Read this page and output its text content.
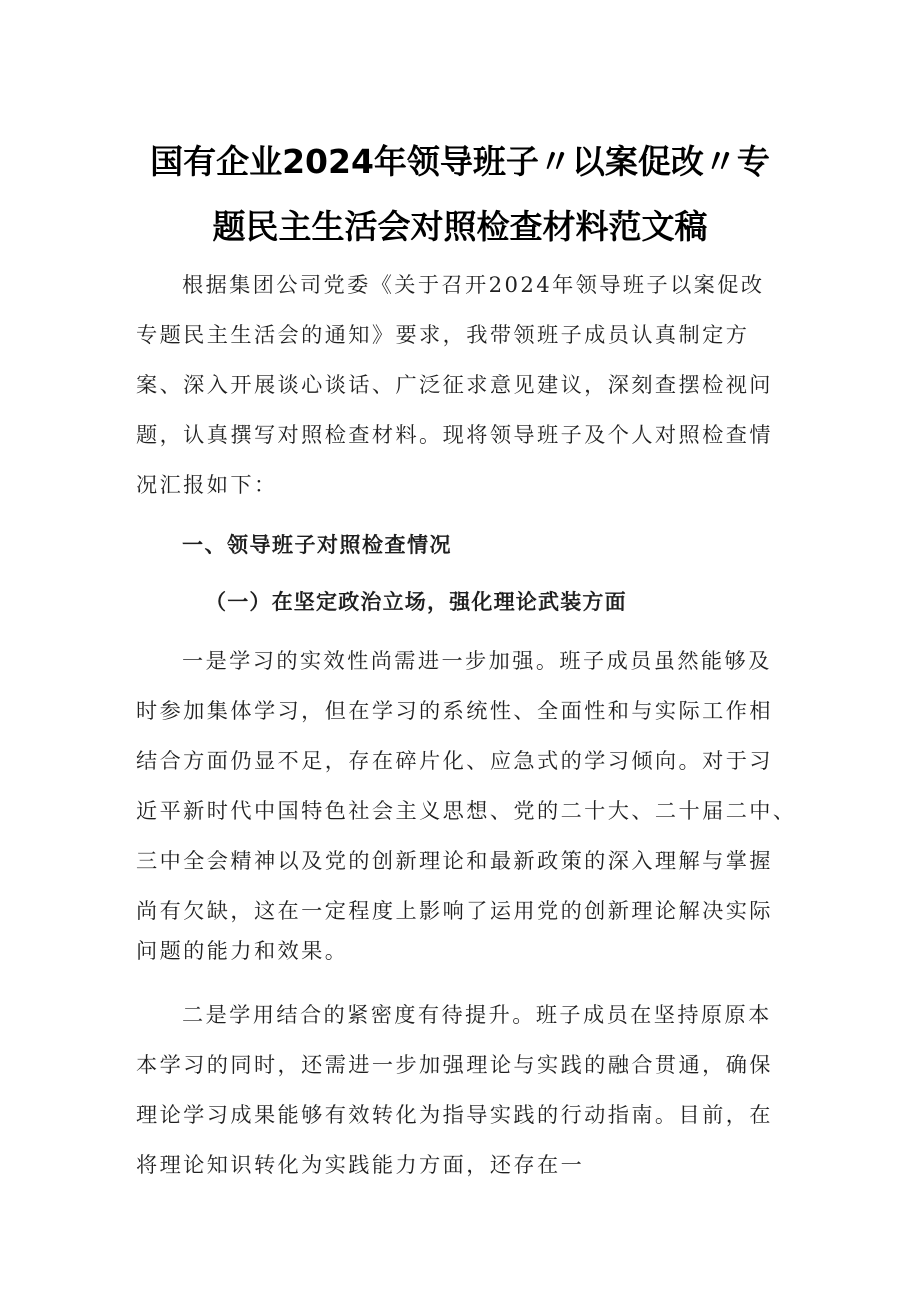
国有企业2024年领导班子〃以案促改〃专
题民主生活会对照检查材料范文稿
根据集团公司党委《关于召开2024年领导班子以案促改
专题民主生活会的通知》要求，我带领班子成员认真制定方
案、深入开展谈心谈话、广泛征求意见建议，深刻查摆检视问
题，认真撰写对照检查材料。现将领导班子及个人对照检查情
况汇报如下：
一、领导班子对照检查情况
（一）在坚定政治立场，强化理论武装方面
一是学习的实效性尚需进一步加强。班子成员虽然能够及
时参加集体学习，但在学习的系统性、全面性和与实际工作相
结合方面仍显不足，存在碎片化、应急式的学习倾向。对于习
近平新时代中国特色社会主义思想、党的二十大、二十届二中、
三中全会精神以及党的创新理论和最新政策的深入理解与掌握
尚有欠缺，这在一定程度上影响了运用党的创新理论解决实际
问题的能力和效果。
二是学用结合的紧密度有待提升。班子成员在坚持原原本
本学习的同时，还需进一步加强理论与实践的融合贯通，确保
理论学习成果能够有效转化为指导实践的行动指南。目前，在
将理论知识转化为实践能力方面，还存在一
